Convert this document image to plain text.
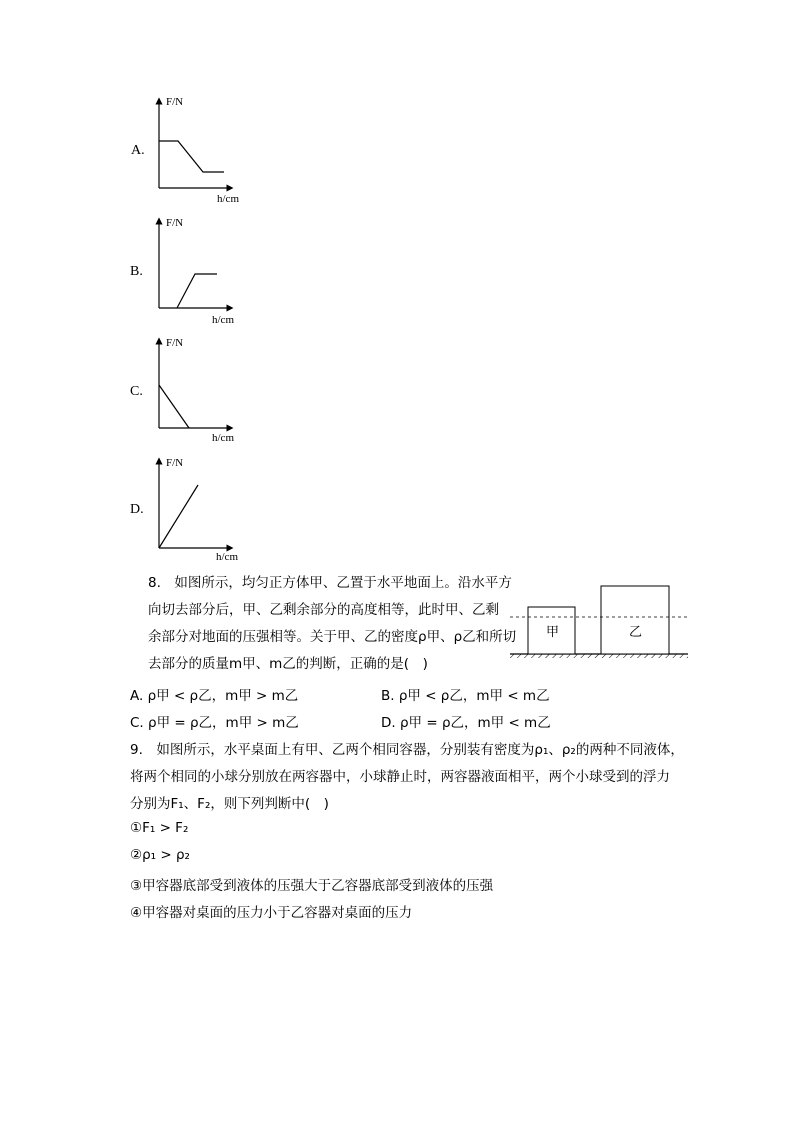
A.
F/N
h/cm
B.
F/N
h/cm
C.
F/N
h/cm
D.
F/N
h/cm
8.　如图所示，均匀正方体甲、乙置于水平地面上。沿水平方
向切去部分后，甲、乙剩余部分的高度相等，此时甲、乙剩
余部分对地面的压强相等。关于甲、乙的密度ρ甲、ρ乙和所切
去部分的质量m甲、m乙的判断，正确的是(　)
甲	乙
A. ρ甲 < ρ乙，m甲 > m乙	B. ρ甲 < ρ乙，m甲 < m乙
C. ρ甲 = ρ乙，m甲 > m乙	D. ρ甲 = ρ乙，m甲 < m乙
9.　如图所示，水平桌面上有甲、乙两个相同容器，分别装有密度为ρ₁、ρ₂的两种不同液体，
将两个相同的小球分别放在两容器中，小球静止时，两容器液面相平，两个小球受到的浮力
分别为F₁、F₂，则下列判断中(　)
①F₁ > F₂
②ρ₁ > ρ₂
③甲容器底部受到液体的压强大于乙容器底部受到液体的压强
④甲容器对桌面的压力小于乙容器对桌面的压力
